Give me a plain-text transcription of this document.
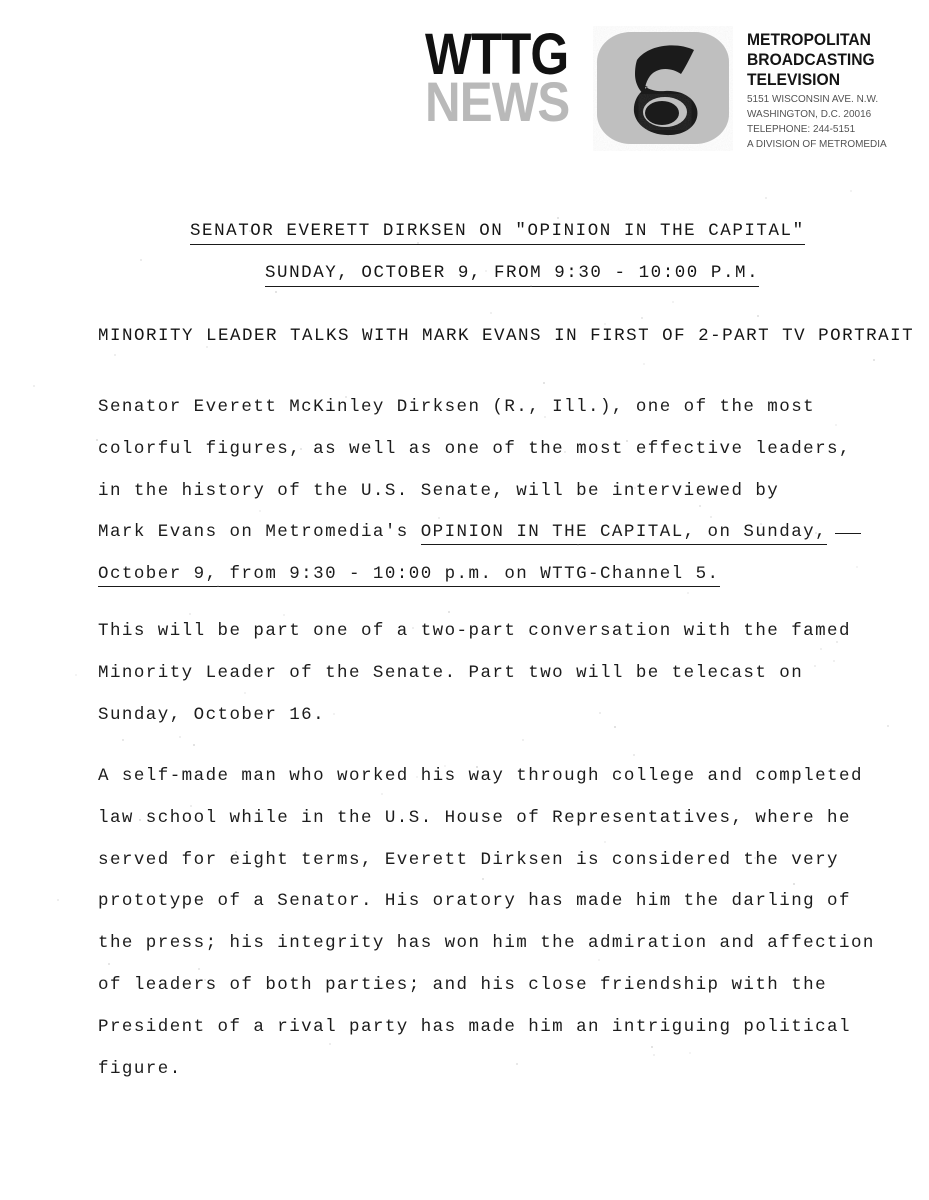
WTTG
NEWS
METROPOLITAN
BROADCASTING
TELEVISION
5151 WISCONSIN AVE. N.W.
WASHINGTON, D.C. 20016
TELEPHONE: 244-5151
A DIVISION OF METROMEDIA
SENATOR EVERETT DIRKSEN ON "OPINION IN THE CAPITAL"
SUNDAY, OCTOBER 9, FROM 9:30 - 10:00 P.M.
MINORITY LEADER TALKS WITH MARK EVANS IN FIRST OF 2-PART TV PORTRAIT
Senator Everett McKinley Dirksen (R., Ill.), one of the most
colorful figures, as well as one of the most effective leaders,
in the history of the U.S. Senate, will be interviewed by
Mark Evans on Metromedia's OPINION IN THE CAPITAL, on Sunday,
October 9, from 9:30 - 10:00 p.m. on WTTG-Channel 5.
This will be part one of a two-part conversation with the famed
Minority Leader of the Senate. Part two will be telecast on
Sunday, October 16.
A self-made man who worked his way through college and completed
law school while in the U.S. House of Representatives, where he
served for eight terms, Everett Dirksen is considered the very
prototype of a Senator. His oratory has made him the darling of
the press; his integrity has won him the admiration and affection
of leaders of both parties; and his close friendship with the
President of a rival party has made him an intriguing political
figure.
